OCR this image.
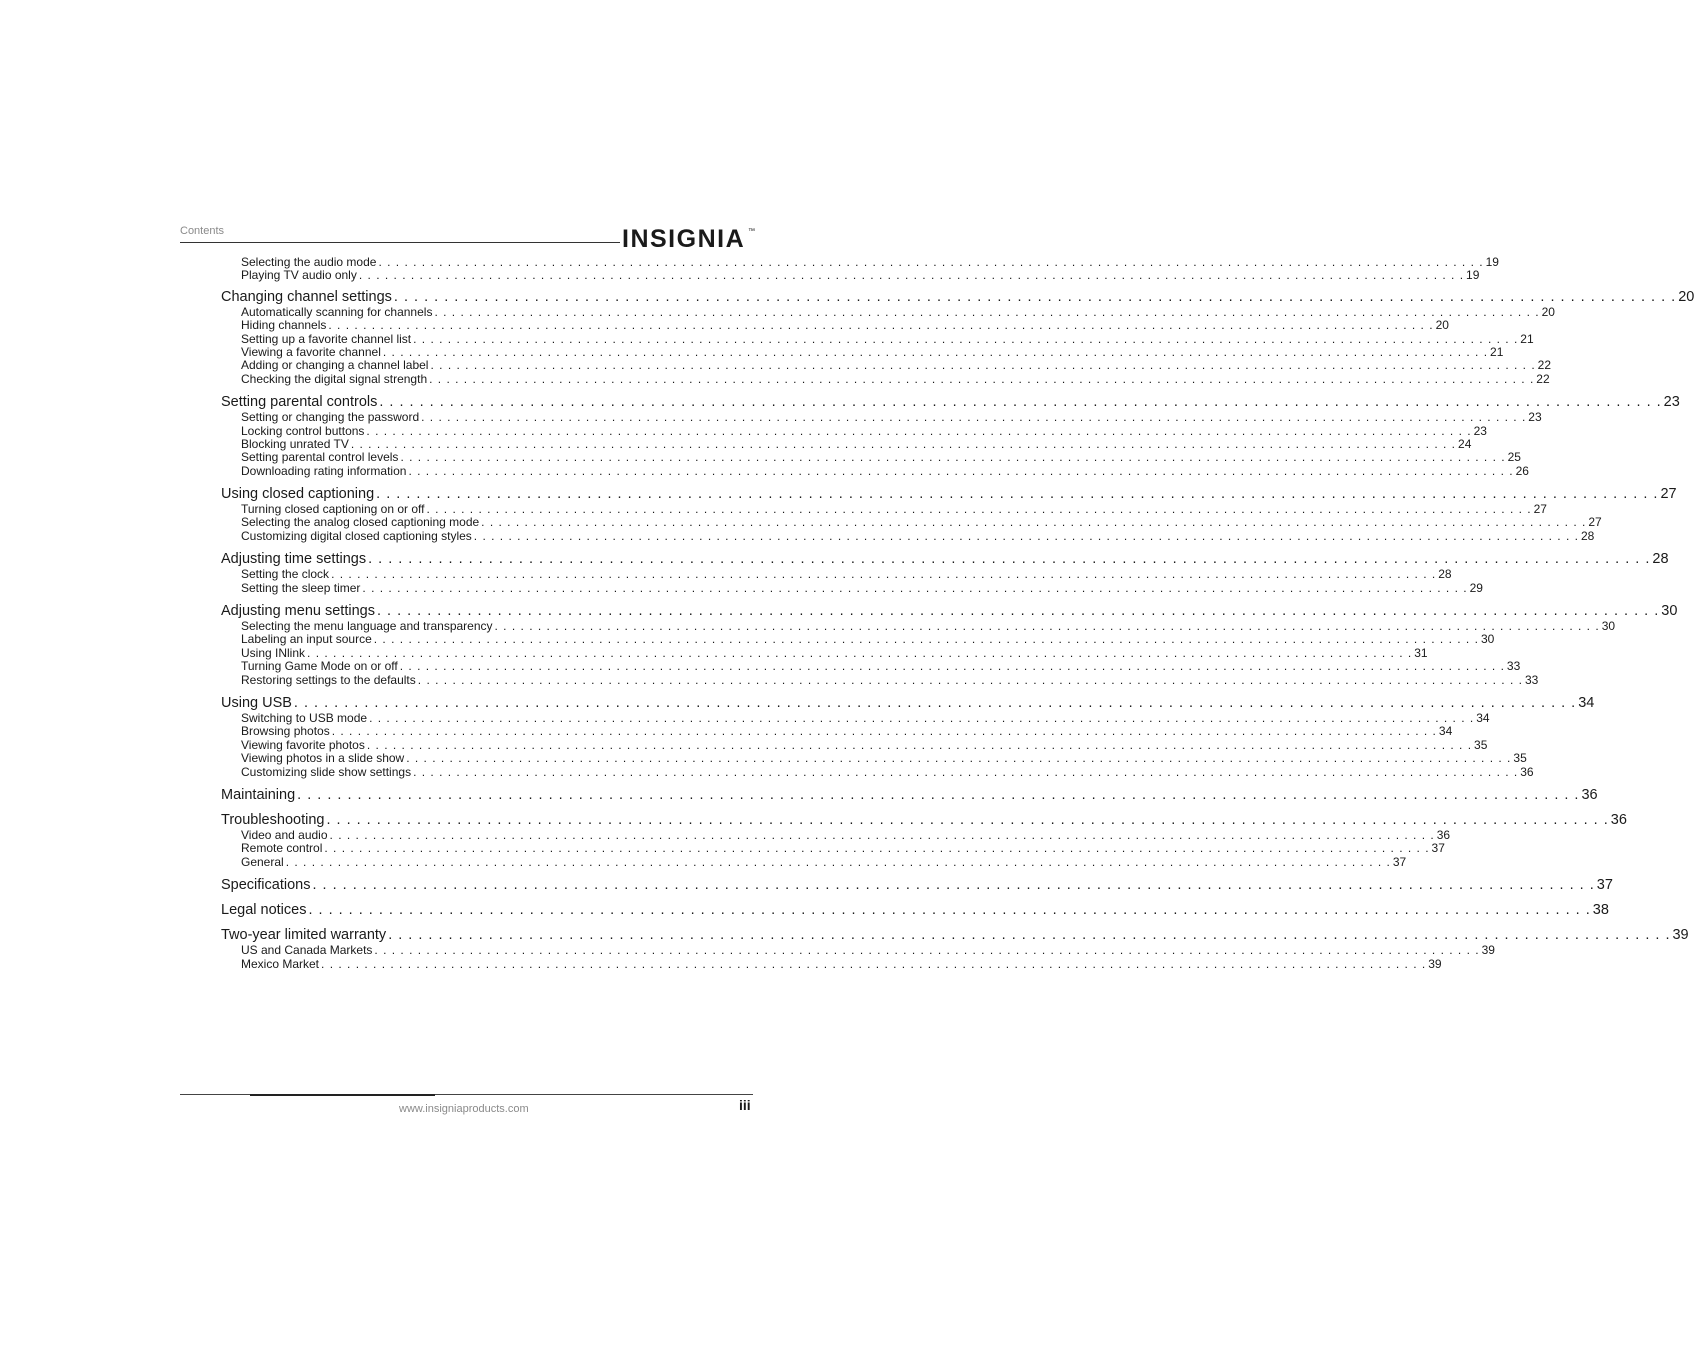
Contents	INSIGNIA ™
Selecting the audio mode . . .	19
Playing TV audio only . . .	19
Changing channel settings . . .	20
Automatically scanning for channels . . .	20
Hiding channels . . .	20
Setting up a favorite channel list . . .	21
Viewing a favorite channel . . .	21
Adding or changing a channel label . . .	22
Checking the digital signal strength . . .	22
Setting parental controls . . .	23
Setting or changing the password . . .	23
Locking control buttons . . .	23
Blocking unrated TV . . .	24
Setting parental control levels . . .	25
Downloading rating information . . .	26
Using closed captioning . . .	27
Turning closed captioning on or off . . .	27
Selecting the analog closed captioning mode . . .	27
Customizing digital closed captioning styles . . .	28
Adjusting time settings . . .	28
Setting the clock . . .	28
Setting the sleep timer . . .	29
Adjusting menu settings . . .	30
Selecting the menu language and transparency . . .	30
Labeling an input source . . .	30
Using INlink . . .	31
Turning Game Mode on or off . . .	33
Restoring settings to the defaults . . .	33
Using USB . . .	34
Switching to USB mode . . .	34
Browsing photos . . .	34
Viewing favorite photos . . .	35
Viewing photos in a slide show . . .	35
Customizing slide show settings . . .	36
Maintaining . . .	36
Troubleshooting . . .	36
Video and audio . . .	36
Remote control . . .	37
General . . .	37
Specifications . . .	37
Legal notices . . .	38
Two-year limited warranty . . .	39
US and Canada Markets . . .	39
Mexico Market . . .	39
www.insigniaproducts.com	iii
